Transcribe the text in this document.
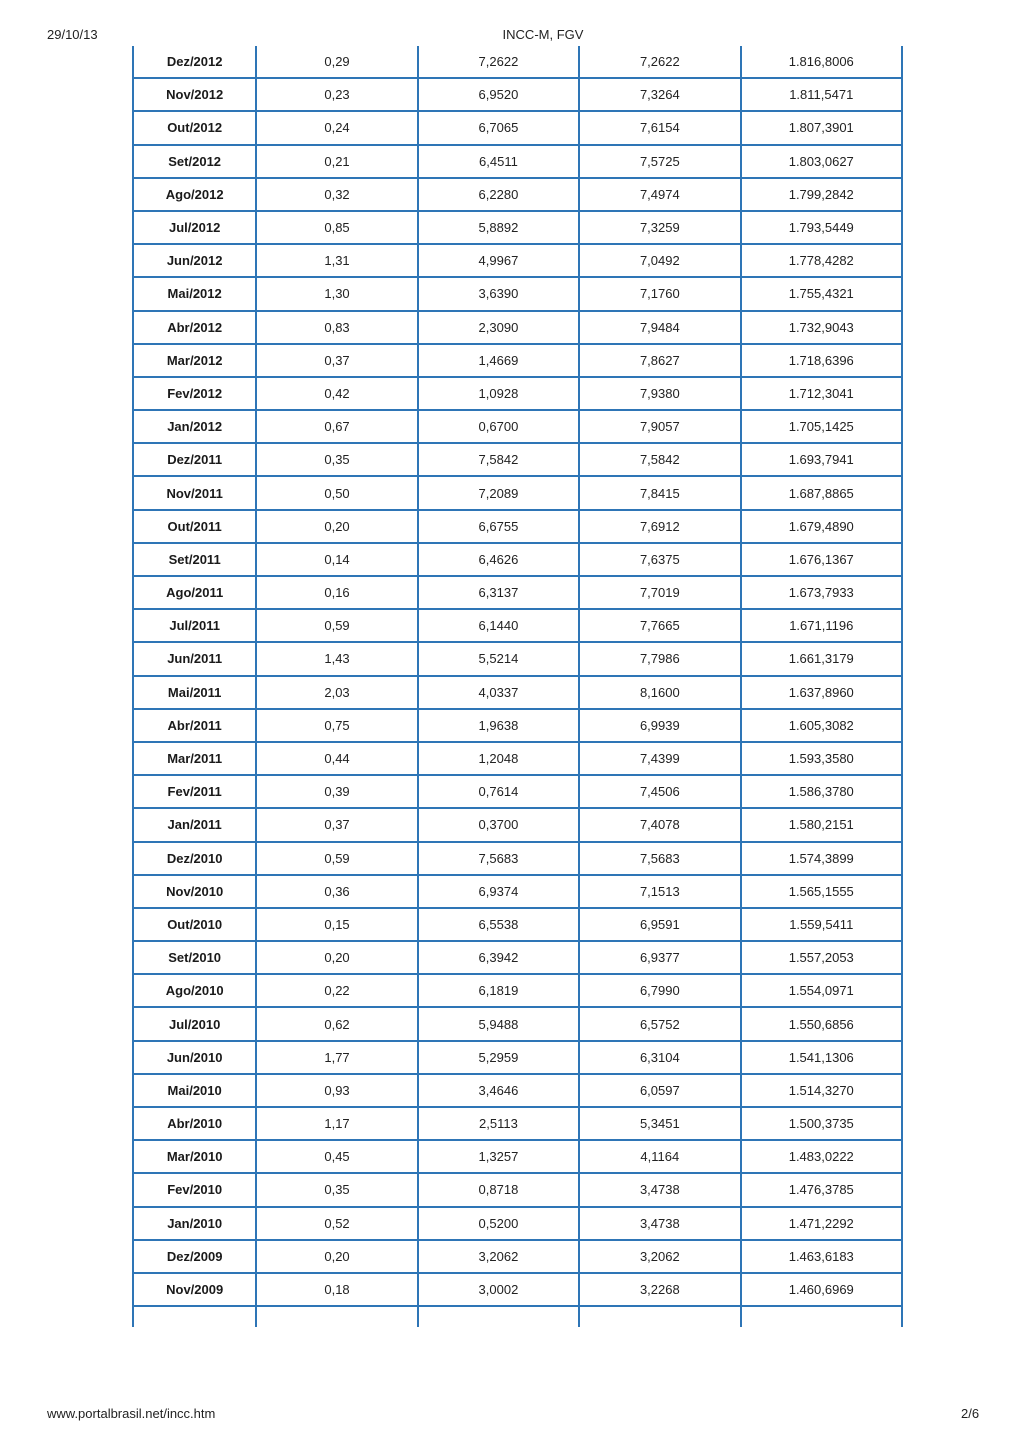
29/10/13	INCC-M, FGV
Dez/2012	0,29	7,2622	7,2622	1.816,8006
Nov/2012	0,23	6,9520	7,3264	1.811,5471
Out/2012	0,24	6,7065	7,6154	1.807,3901
Set/2012	0,21	6,4511	7,5725	1.803,0627
Ago/2012	0,32	6,2280	7,4974	1.799,2842
Jul/2012	0,85	5,8892	7,3259	1.793,5449
Jun/2012	1,31	4,9967	7,0492	1.778,4282
Mai/2012	1,30	3,6390	7,1760	1.755,4321
Abr/2012	0,83	2,3090	7,9484	1.732,9043
Mar/2012	0,37	1,4669	7,8627	1.718,6396
Fev/2012	0,42	1,0928	7,9380	1.712,3041
Jan/2012	0,67	0,6700	7,9057	1.705,1425
Dez/2011	0,35	7,5842	7,5842	1.693,7941
Nov/2011	0,50	7,2089	7,8415	1.687,8865
Out/2011	0,20	6,6755	7,6912	1.679,4890
Set/2011	0,14	6,4626	7,6375	1.676,1367
Ago/2011	0,16	6,3137	7,7019	1.673,7933
Jul/2011	0,59	6,1440	7,7665	1.671,1196
Jun/2011	1,43	5,5214	7,7986	1.661,3179
Mai/2011	2,03	4,0337	8,1600	1.637,8960
Abr/2011	0,75	1,9638	6,9939	1.605,3082
Mar/2011	0,44	1,2048	7,4399	1.593,3580
Fev/2011	0,39	0,7614	7,4506	1.586,3780
Jan/2011	0,37	0,3700	7,4078	1.580,2151
Dez/2010	0,59	7,5683	7,5683	1.574,3899
Nov/2010	0,36	6,9374	7,1513	1.565,1555
Out/2010	0,15	6,5538	6,9591	1.559,5411
Set/2010	0,20	6,3942	6,9377	1.557,2053
Ago/2010	0,22	6,1819	6,7990	1.554,0971
Jul/2010	0,62	5,9488	6,5752	1.550,6856
Jun/2010	1,77	5,2959	6,3104	1.541,1306
Mai/2010	0,93	3,4646	6,0597	1.514,3270
Abr/2010	1,17	2,5113	5,3451	1.500,3735
Mar/2010	0,45	1,3257	4,1164	1.483,0222
Fev/2010	0,35	0,8718	3,4738	1.476,3785
Jan/2010	0,52	0,5200	3,4738	1.471,2292
Dez/2009	0,20	3,2062	3,2062	1.463,6183
Nov/2009	0,18	3,0002	3,2268	1.460,6969

www.portalbrasil.net/incc.htm	2/6
